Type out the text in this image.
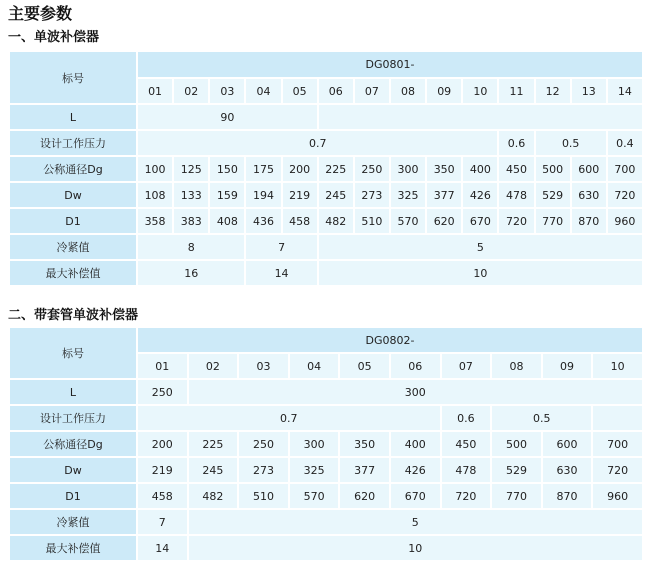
主要参数
一、单波补偿器
标号	DG0801-													
	01	02	03	04	05	06	07	08	09	10	11	12	13	14
L	90													
设计工作压力	0.7										0.6	0.5		0.4
公称通径Dg	100	125	150	175	200	225	250	300	350	400	450	500	600	700
Dw	108	133	159	194	219	245	273	325	377	426	478	529	630	720
D1	358	383	408	436	458	482	510	570	620	670	720	770	870	960
冷紧值	8			7		5								
最大补偿值	16			14		10								
二、带套管单波补偿器
标号	DG0802-									
	01	02	03	04	05	06	07	08	09	10
L	250	300								
设计工作压力	0.7						0.6	0.5		
公称通径Dg	200	225	250	300	350	400	450	500	600	700
Dw	219	245	273	325	377	426	478	529	630	720
D1	458	482	510	570	620	670	720	770	870	960
冷紧值	7	5								
最大补偿值	14	10								
